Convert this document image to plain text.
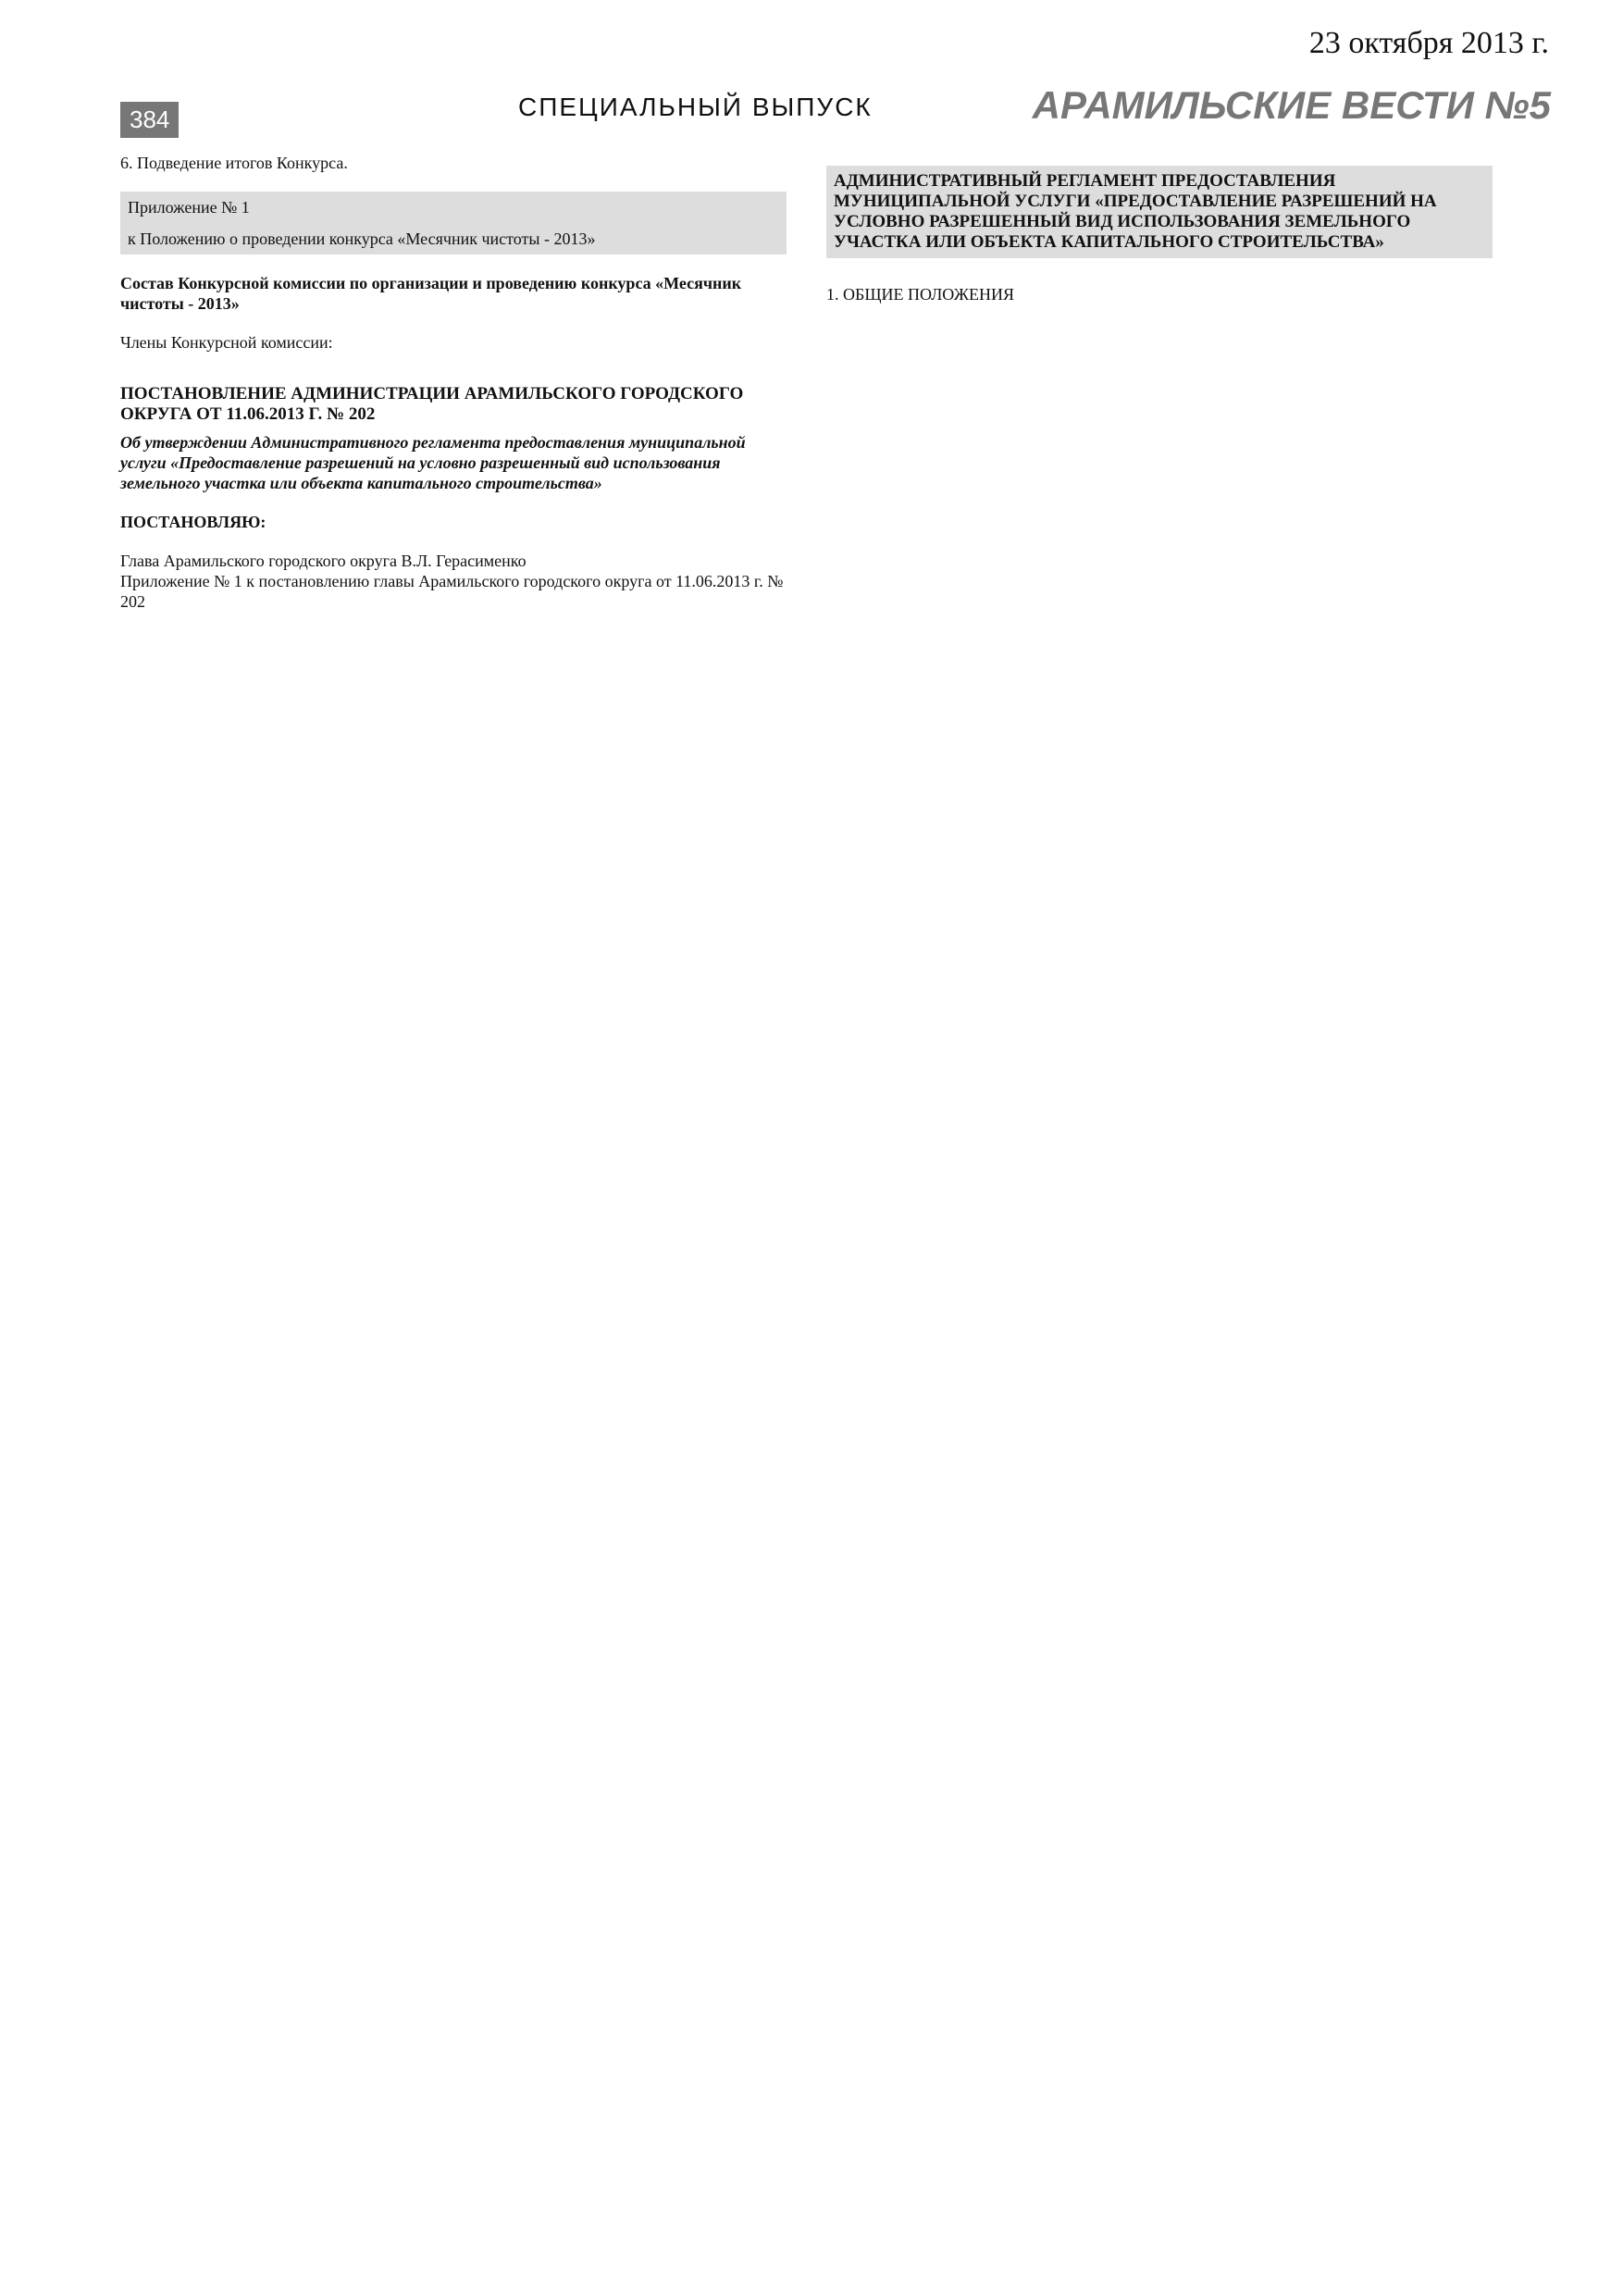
23 октября 2013 г.
384	СПЕЦИАЛЬНЫЙ ВЫПУСК	АРАМИЛЬСКИЕ ВЕСТИ №5
6. Подведение итогов Конкурса.
Приложение № 1
к Положению о проведении конкурса «Месячник чистоты - 2013»
Состав Конкурсной комиссии по организации и проведению конкурса «Месячник чистоты - 2013»
Члены Конкурсной комиссии:
ПОСТАНОВЛЕНИЕ АДМИНИСТРАЦИИ АРАМИЛЬСКОГО ГОРОДСКОГО ОКРУГА ОТ 11.06.2013 Г. № 202
Об утверждении Административного регламента предоставления муниципальной услуги «Предоставление разрешений на условно разрешенный вид использования земельного участка или объекта капитального строительства»
ПОСТАНОВЛЯЮ:
Глава Арамильского городского округа В.Л. Герасименко
Приложение № 1 к постановлению главы Арамильского городского округа от 11.06.2013 г. № 202
АДМИНИСТРАТИВНЫЙ РЕГЛАМЕНТ ПРЕДОСТАВЛЕНИЯ МУНИЦИПАЛЬНОЙ УСЛУГИ «ПРЕДОСТАВЛЕНИЕ РАЗРЕШЕНИЙ НА УСЛОВНО РАЗРЕШЕННЫЙ ВИД ИСПОЛЬЗОВАНИЯ ЗЕМЕЛЬНОГО УЧАСТКА ИЛИ ОБЪЕКТА КАПИТАЛЬНОГО СТРОИТЕЛЬСТВА»
1. ОБЩИЕ ПОЛОЖЕНИЯ
